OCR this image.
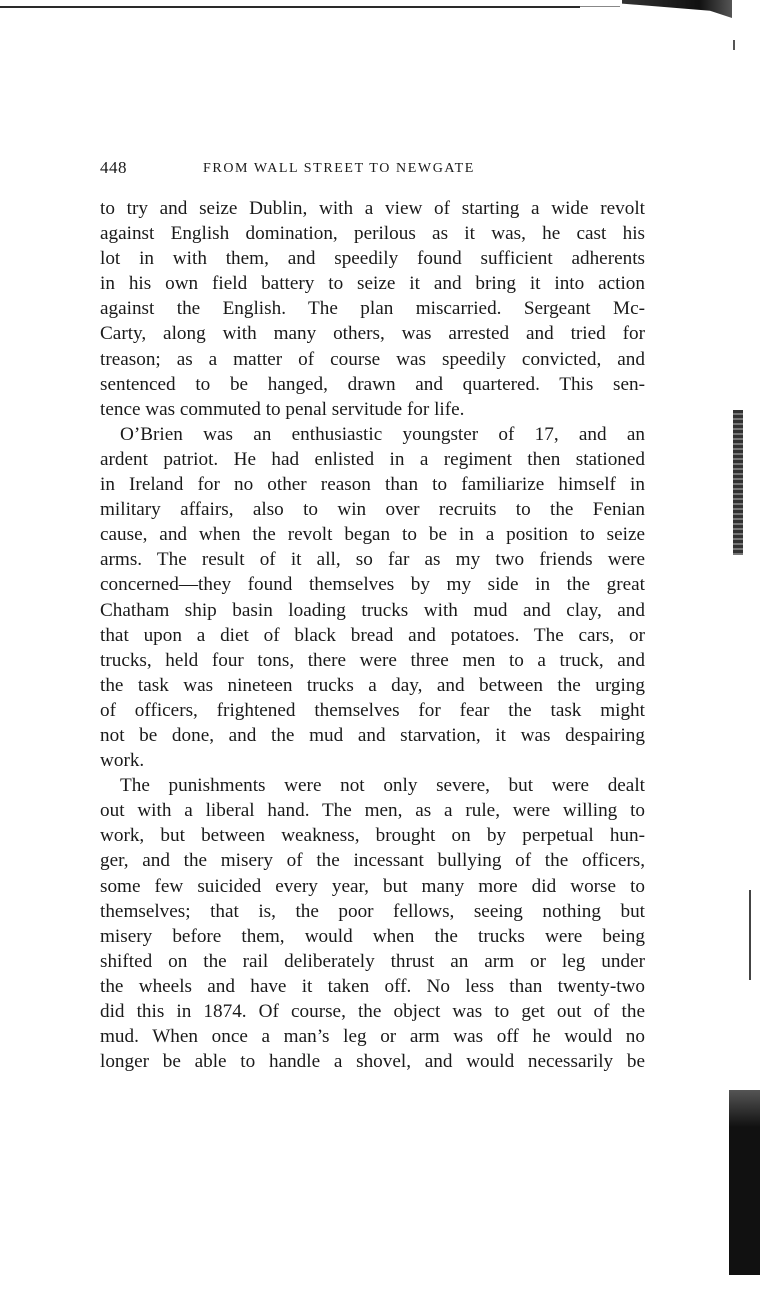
448	FROM WALL STREET TO NEWGATE
to try and seize Dublin, with a view of starting a wide revolt
against English domination, perilous as it was, he cast his
lot in with them, and speedily found sufficient adherents
in his own field battery to seize it and bring it into action
against the English. The plan miscarried. Sergeant Mc-
Carty, along with many others, was arrested and tried for
treason; as a matter of course was speedily convicted, and
sentenced to be hanged, drawn and quartered. This sen-
tence was commuted to penal servitude for life.
O’Brien was an enthusiastic youngster of 17, and an
ardent patriot. He had enlisted in a regiment then stationed
in Ireland for no other reason than to familiarize himself in
military affairs, also to win over recruits to the Fenian
cause, and when the revolt began to be in a position to seize
arms. The result of it all, so far as my two friends were
concerned—they found themselves by my side in the great
Chatham ship basin loading trucks with mud and clay, and
that upon a diet of black bread and potatoes. The cars, or
trucks, held four tons, there were three men to a truck, and
the task was nineteen trucks a day, and between the urging
of officers, frightened themselves for fear the task might
not be done, and the mud and starvation, it was despairing
work.
The punishments were not only severe, but were dealt
out with a liberal hand. The men, as a rule, were willing to
work, but between weakness, brought on by perpetual hun-
ger, and the misery of the incessant bullying of the officers,
some few suicided every year, but many more did worse to
themselves; that is, the poor fellows, seeing nothing but
misery before them, would when the trucks were being
shifted on the rail deliberately thrust an arm or leg under
the wheels and have it taken off. No less than twenty-two
did this in 1874. Of course, the object was to get out of the
mud. When once a man’s leg or arm was off he would no
longer be able to handle a shovel, and would necessarily be
